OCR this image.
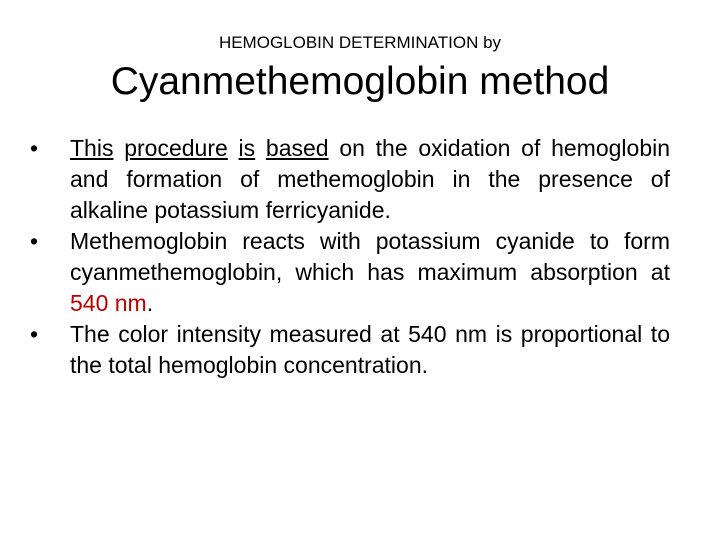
HEMOGLOBIN DETERMINATION by
Cyanmethemoglobin method
•	This procedure is based on the oxidation of hemoglobin and formation of methemoglobin in the presence of alkaline potassium ferricyanide.
•	Methemoglobin reacts with potassium cyanide to form cyanmethemoglobin, which has maximum absorption at 540 nm.
•	The color intensity measured at 540 nm is proportional to the total hemoglobin concentration.
